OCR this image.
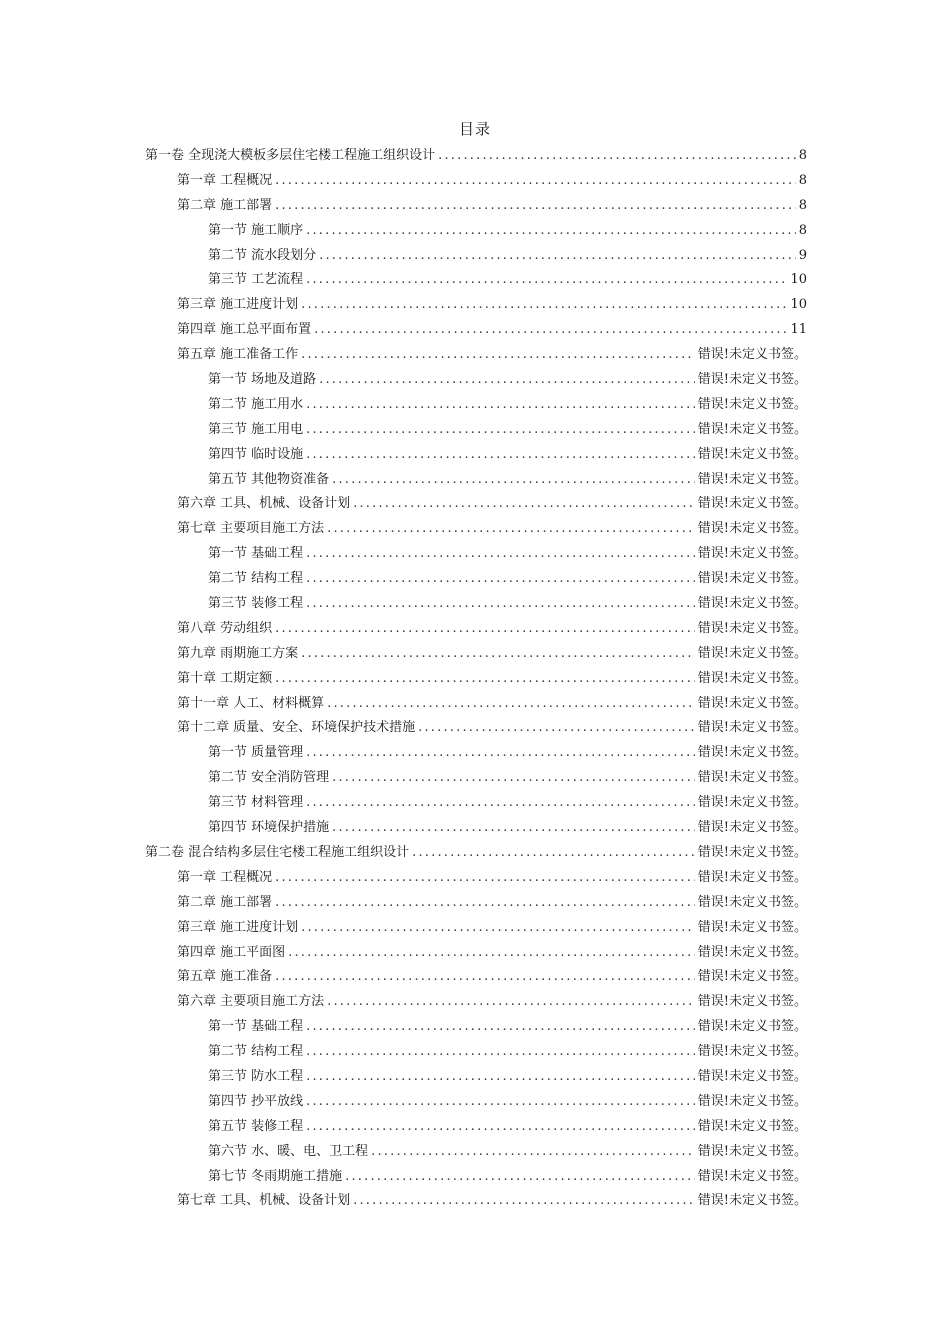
目录
第一卷 全现浇大模板多层住宅楼工程施工组织设计 .....	8
第一章 工程概况 .....	8
第二章 施工部署 .....	8
第一节 施工顺序 .....	8
第二节 流水段划分 .....	9
第三节 工艺流程 .....	10
第三章 施工进度计划 .....	10
第四章 施工总平面布置 .....	11
第五章 施工准备工作 .....	错误!未定义书签。
第一节 场地及道路 .....	错误!未定义书签。
第二节 施工用水 .....	错误!未定义书签。
第三节 施工用电 .....	错误!未定义书签。
第四节 临时设施 .....	错误!未定义书签。
第五节 其他物资准备 .....	错误!未定义书签。
第六章 工具、机械、设备计划 .....	错误!未定义书签。
第七章 主要项目施工方法 .....	错误!未定义书签。
第一节 基础工程 .....	错误!未定义书签。
第二节 结构工程 .....	错误!未定义书签。
第三节 装修工程 .....	错误!未定义书签。
第八章 劳动组织 .....	错误!未定义书签。
第九章 雨期施工方案 .....	错误!未定义书签。
第十章 工期定额 .....	错误!未定义书签。
第十一章 人工、材料概算 .....	错误!未定义书签。
第十二章 质量、安全、环境保护技术措施 .....	错误!未定义书签。
第一节 质量管理 .....	错误!未定义书签。
第二节 安全消防管理 .....	错误!未定义书签。
第三节 材料管理 .....	错误!未定义书签。
第四节 环境保护措施 .....	错误!未定义书签。
第二卷 混合结构多层住宅楼工程施工组织设计 .....	错误!未定义书签。
第一章 工程概况 .....	错误!未定义书签。
第二章 施工部署 .....	错误!未定义书签。
第三章 施工进度计划 .....	错误!未定义书签。
第四章 施工平面图 .....	错误!未定义书签。
第五章 施工准备 .....	错误!未定义书签。
第六章 主要项目施工方法 .....	错误!未定义书签。
第一节 基础工程 .....	错误!未定义书签。
第二节 结构工程 .....	错误!未定义书签。
第三节 防水工程 .....	错误!未定义书签。
第四节 抄平放线 .....	错误!未定义书签。
第五节 装修工程 .....	错误!未定义书签。
第六节 水、暖、电、卫工程 .....	错误!未定义书签。
第七节 冬雨期施工措施 .....	错误!未定义书签。
第七章 工具、机械、设备计划 .....	错误!未定义书签。
